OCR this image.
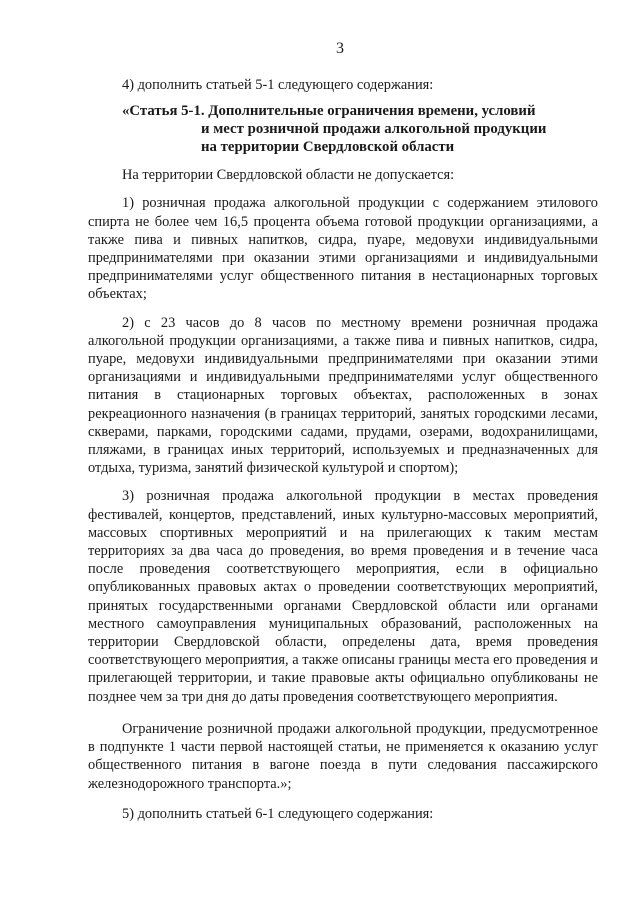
3

4) дополнить статьей 5-1 следующего содержания:

«Статья 5-1. Дополнительные ограничения времени, условий
и мест розничной продажи алкогольной продукции
на территории Свердловской области

На территории Свердловской области не допускается:

1) розничная продажа алкогольной продукции с содержанием этилового спирта не более чем 16,5 процента объема готовой продукции организациями, а также пива и пивных напитков, сидра, пуаре, медовухи индивидуальными предпринимателями при оказании этими организациями и индивидуальными предпринимателями услуг общественного питания в нестационарных торговых объектах;

2) с 23 часов до 8 часов по местному времени розничная продажа алкогольной продукции организациями, а также пива и пивных напитков, сидра, пуаре, медовухи индивидуальными предпринимателями при оказании этими организациями и индивидуальными предпринимателями услуг общественного питания в стационарных торговых объектах, расположенных в зонах рекреационного назначения (в границах территорий, занятых городскими лесами, скверами, парками, городскими садами, прудами, озерами, водохранилищами, пляжами, в границах иных территорий, используемых и предназначенных для отдыха, туризма, занятий физической культурой и спортом);

3) розничная продажа алкогольной продукции в местах проведения фестивалей, концертов, представлений, иных культурно-массовых мероприятий, массовых спортивных мероприятий и на прилегающих к таким местам территориях за два часа до проведения, во время проведения и в течение часа после проведения соответствующего мероприятия, если в официально опубликованных правовых актах о проведении соответствующих мероприятий, принятых государственными органами Свердловской области или органами местного самоуправления муниципальных образований, расположенных на территории Свердловской области, определены дата, время проведения соответствующего мероприятия, а также описаны границы места его проведения и прилегающей территории, и такие правовые акты официально опубликованы не позднее чем за три дня до даты проведения соответствующего мероприятия.

Ограничение розничной продажи алкогольной продукции, предусмотренное в подпункте 1 части первой настоящей статьи, не применяется к оказанию услуг общественного питания в вагоне поезда в пути следования пассажирского железнодорожного транспорта.»;

5) дополнить статьей 6-1 следующего содержания:
